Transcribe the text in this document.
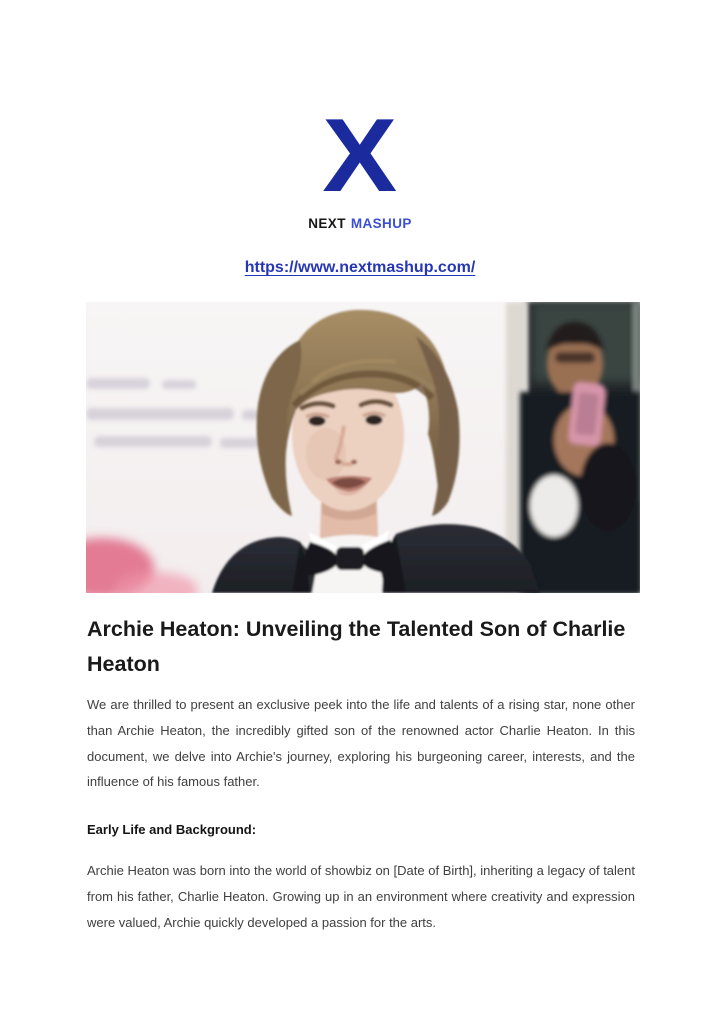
X
NEXT MASHUP
https://www.nextmashup.com/
Archie Heaton: Unveiling the Talented Son of Charlie Heaton

We are thrilled to present an exclusive peek into the life and talents of a rising star, none other than Archie Heaton, the incredibly gifted son of the renowned actor Charlie Heaton. In this document, we delve into Archie's journey, exploring his burgeoning career, interests, and the influence of his famous father.

Early Life and Background:

Archie Heaton was born into the world of showbiz on [Date of Birth], inheriting a legacy of talent from his father, Charlie Heaton. Growing up in an environment where creativity and expression were valued, Archie quickly developed a passion for the arts.
